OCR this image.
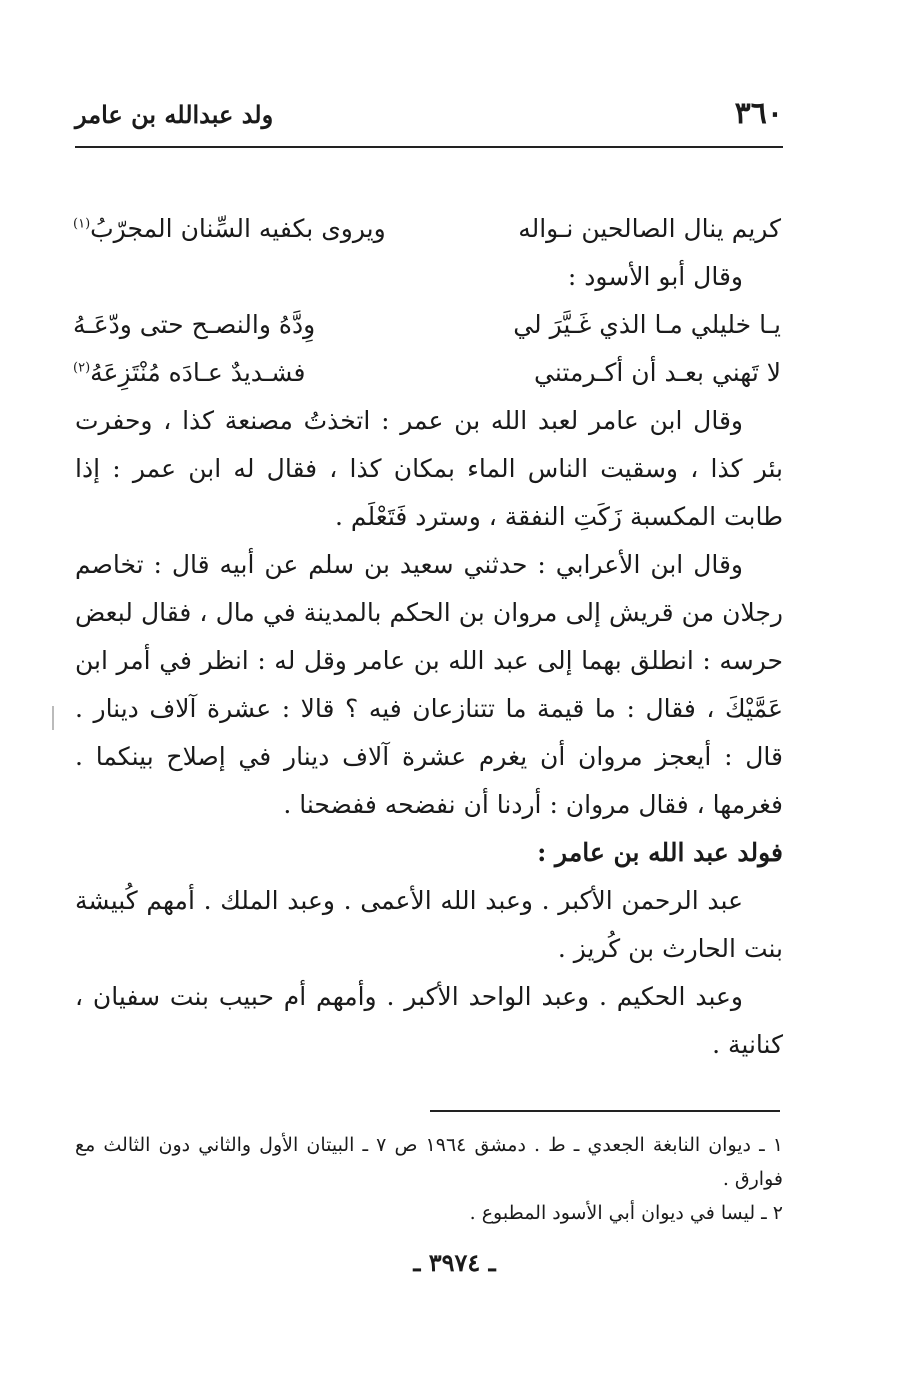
٣٦٠
ولد عبدالله بن عامر
كريم ينال الصالحين نـواله
ويروى بكفيه السِّنان المجرّبُ$^{(١)}$

وقال أبو الأسود :

يـا خليلي مـا الذي غَـيَّرَ لي
وِدَّهُ والنصـح حتى ودّعَـهُ
لا تَهني بعـد أن أكـرمتني
فشـديدٌ عـادَه مُنْتَزِعَهُ$^{(٢)}$

وقال ابن عامر لعبد الله بن عمر : اتخذتُ مصنعة كذا ، وحفرت بئر كذا ، وسقيت الناس الماء بمكان كذا ، فقال له ابن عمر : إذا طابت المكسبة زَكَتِ النفقة ، وسترد فَتَعْلَم .

وقال ابن الأعرابي : حدثني سعيد بن سلم عن أبيه قال : تخاصم رجلان من قريش إلى مروان بن الحكم بالمدينة في مال ، فقال لبعض حرسه : انطلق بهما إلى عبد الله بن عامر وقل له : انظر في أمر ابن عَمَّيْكَ ، فقال : ما قيمة ما تتنازعان فيه ؟ قالا : عشرة آلاف دينار . قال : أيعجز مروان أن يغرم عشرة آلاف دينار في إصلاح بينكما . فغرمها ، فقال مروان : أردنا أن نفضحه ففضحنا .

فولد عبد الله بن عامر :

عبد الرحمن الأكبر . وعبد الله الأعمى . وعبد الملك . أمهم كُبيشة بنت الحارث بن كُريز .

وعبد الحكيم . وعبد الواحد الأكبر . وأمهم أم حبيب بنت سفيان ، كنانية .

١ ـ ديوان النابغة الجعدي ـ ط . دمشق ١٩٦٤ ص ٧ ـ البيتان الأول والثاني دون الثالث مع فوارق .

٢ ـ ليسا في ديوان أبي الأسود المطبوع .

ـ ٣٩٧٤ ـ
